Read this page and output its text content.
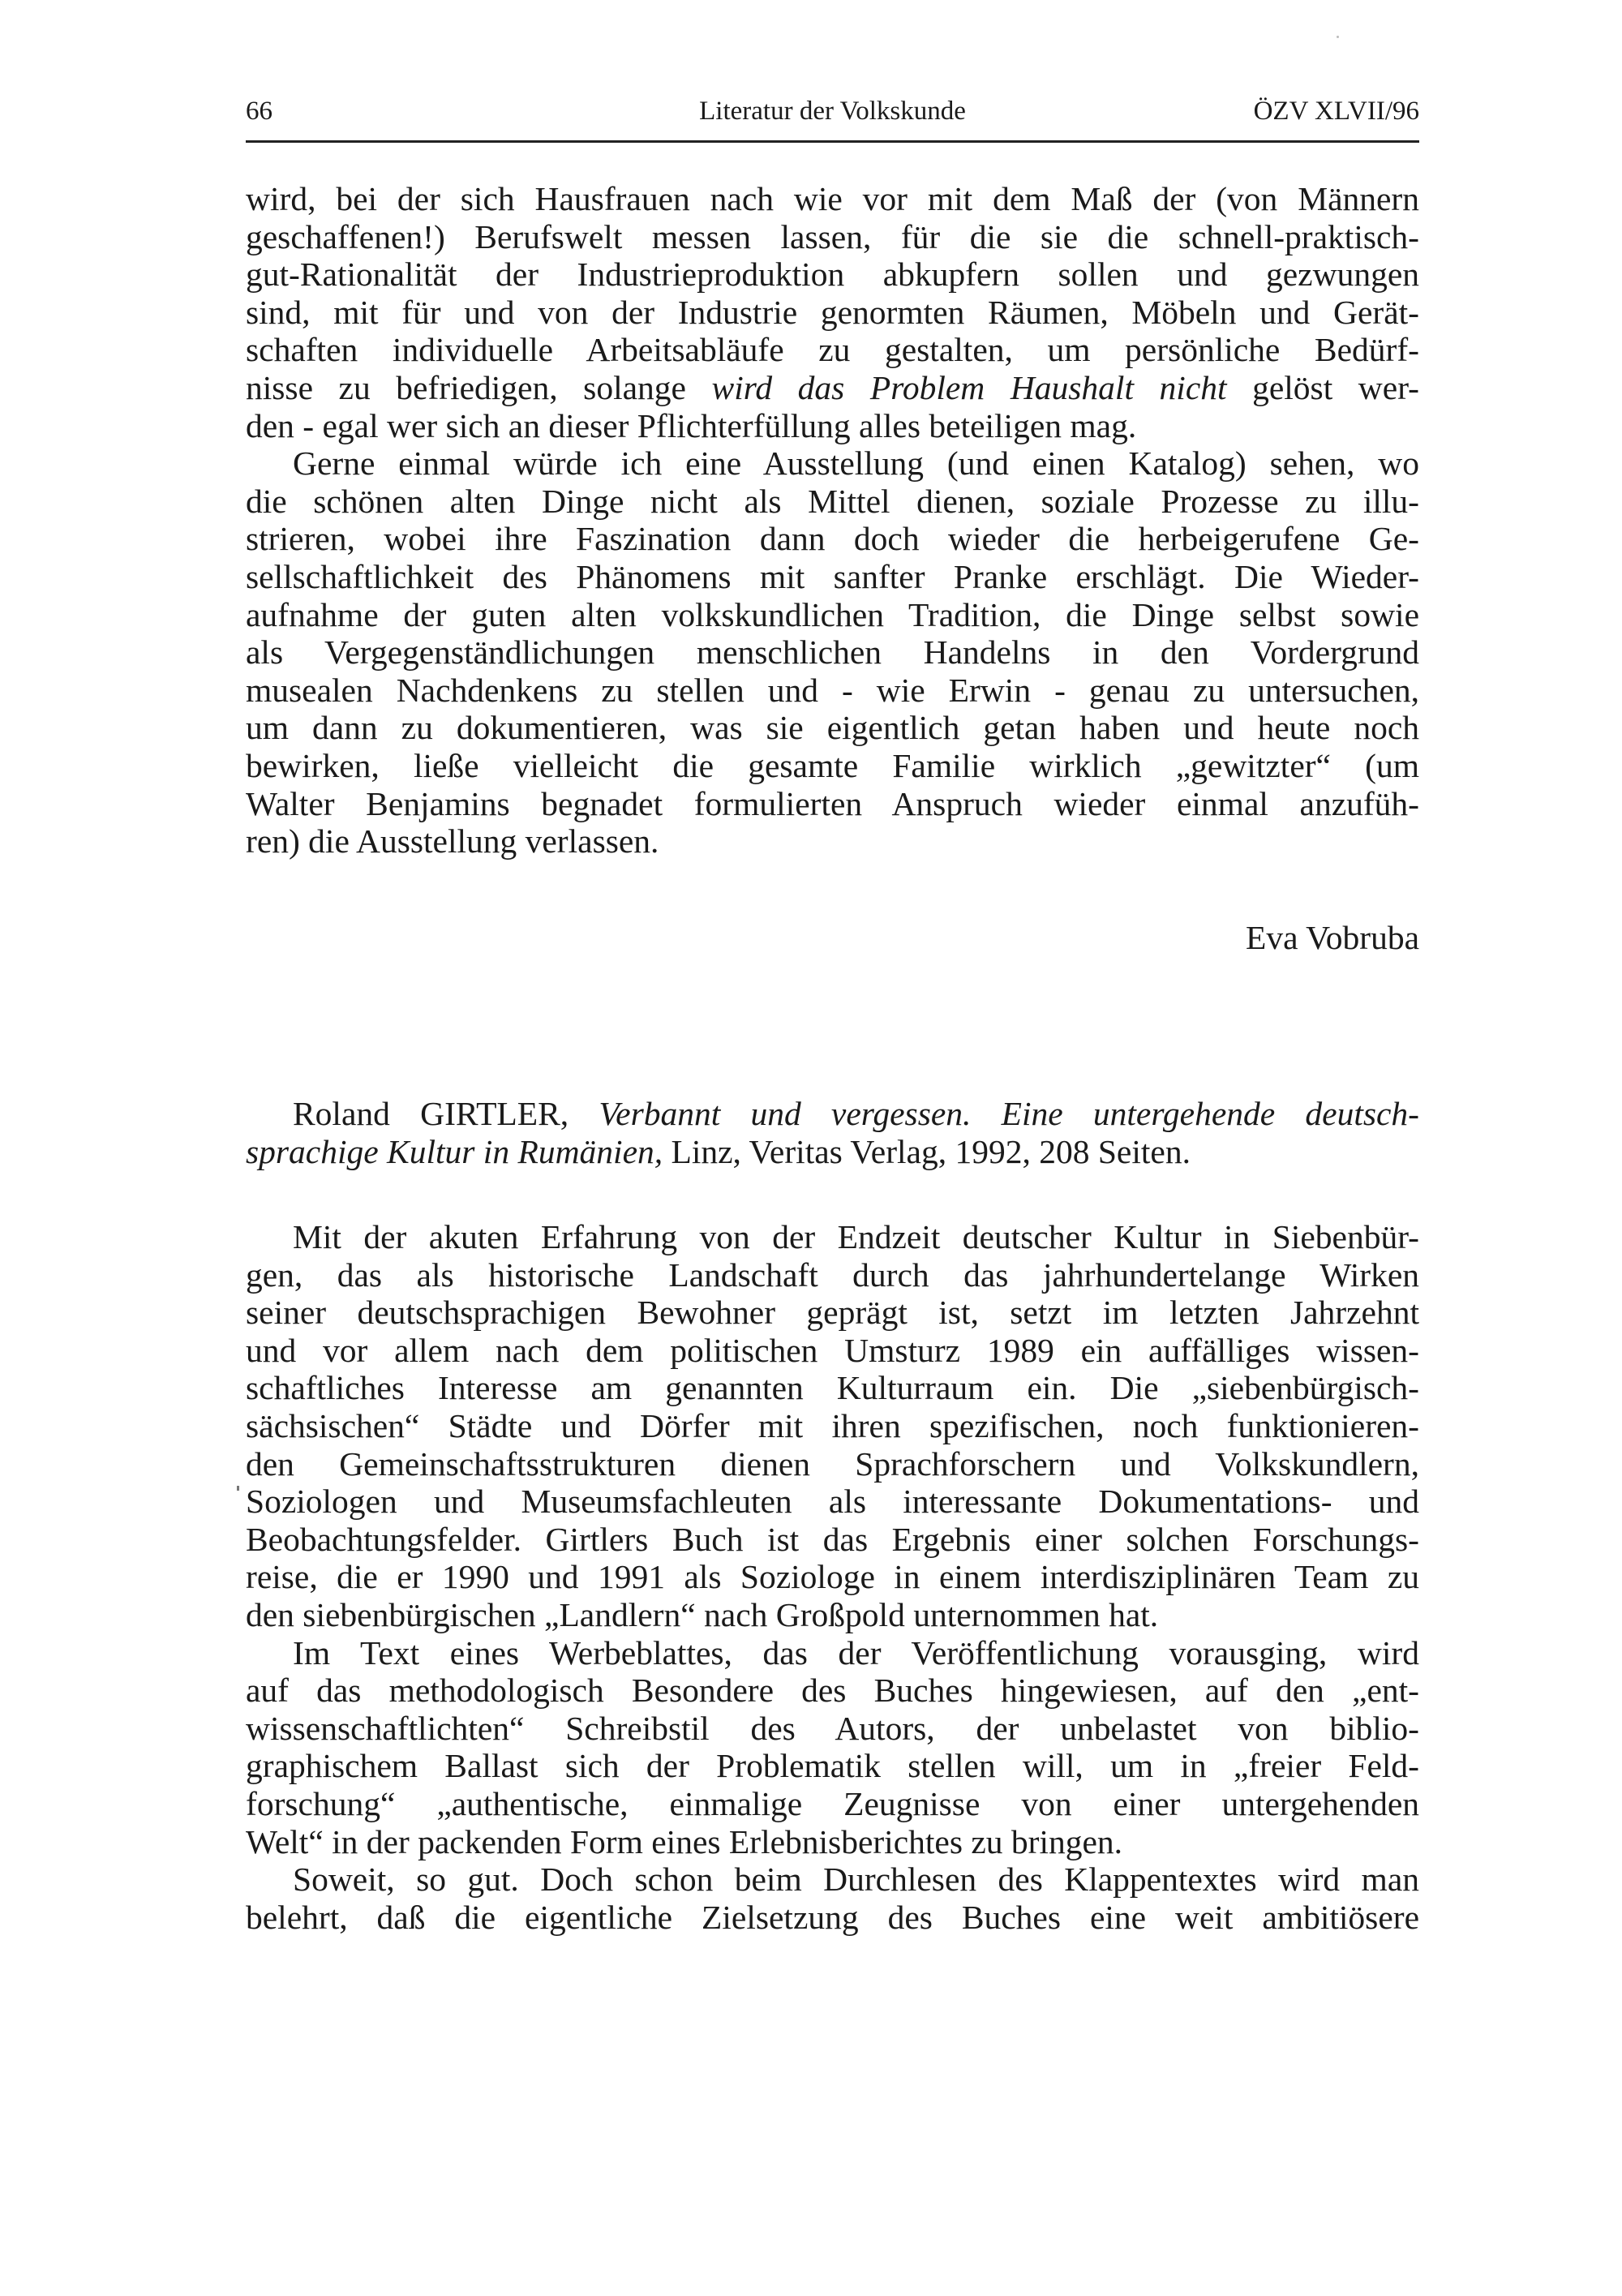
66	Literatur der Volkskunde	ÖZV XLVII/96
wird, bei der sich Hausfrauen nach wie vor mit dem Maß der (von Männern
geschaffenen!) Berufswelt messen lassen, für die sie die schnell-praktisch-
gut-Rationalität der Industrieproduktion abkupfern sollen und gezwungen
sind, mit für und von der Industrie genormten Räumen, Möbeln und Gerät-
schaften individuelle Arbeitsabläufe zu gestalten, um persönliche Bedürf-
nisse zu befriedigen, solange wird das Problem Haushalt nicht gelöst wer-
den - egal wer sich an dieser Pflichterfüllung alles beteiligen mag.
Gerne einmal würde ich eine Ausstellung (und einen Katalog) sehen, wo
die schönen alten Dinge nicht als Mittel dienen, soziale Prozesse zu illu-
strieren, wobei ihre Faszination dann doch wieder die herbeigerufene Ge-
sellschaftlichkeit des Phänomens mit sanfter Pranke erschlägt. Die Wieder-
aufnahme der guten alten volkskundlichen Tradition, die Dinge selbst sowie
als Vergegenständlichungen menschlichen Handelns in den Vordergrund
musealen Nachdenkens zu stellen und - wie Erwin - genau zu untersuchen,
um dann zu dokumentieren, was sie eigentlich getan haben und heute noch
bewirken, ließe vielleicht die gesamte Familie wirklich „gewitzter“ (um
Walter Benjamins begnadet formulierten Anspruch wieder einmal anzufüh-
ren) die Ausstellung verlassen.
Eva Vobruba
Roland GIRTLER, Verbannt und vergessen. Eine untergehende deutsch-
sprachige Kultur in Rumänien, Linz, Veritas Verlag, 1992, 208 Seiten.
Mit der akuten Erfahrung von der Endzeit deutscher Kultur in Siebenbür-
gen, das als historische Landschaft durch das jahrhundertelange Wirken
seiner deutschsprachigen Bewohner geprägt ist, setzt im letzten Jahrzehnt
und vor allem nach dem politischen Umsturz 1989 ein auffälliges wissen-
schaftliches Interesse am genannten Kulturraum ein. Die „siebenbürgisch-
sächsischen“ Städte und Dörfer mit ihren spezifischen, noch funktionieren-
den Gemeinschaftsstrukturen dienen Sprachforschern und Volkskundlern,
Soziologen und Museumsfachleuten als interessante Dokumentations- und
Beobachtungsfelder. Girtlers Buch ist das Ergebnis einer solchen Forschungs-
reise, die er 1990 und 1991 als Soziologe in einem interdisziplinären Team zu
den siebenbürgischen „Landlern“ nach Großpold unternommen hat.
Im Text eines Werbeblattes, das der Veröffentlichung vorausging, wird
auf das methodologisch Besondere des Buches hingewiesen, auf den „ent-
wissenschaftlichten“ Schreibstil des Autors, der unbelastet von biblio-
graphischem Ballast sich der Problematik stellen will, um in „freier Feld-
forschung“ „authentische, einmalige Zeugnisse von einer untergehenden
Welt“ in der packenden Form eines Erlebnisberichtes zu bringen.
Soweit, so gut. Doch schon beim Durchlesen des Klappentextes wird man
belehrt, daß die eigentliche Zielsetzung des Buches eine weit ambitiösere
